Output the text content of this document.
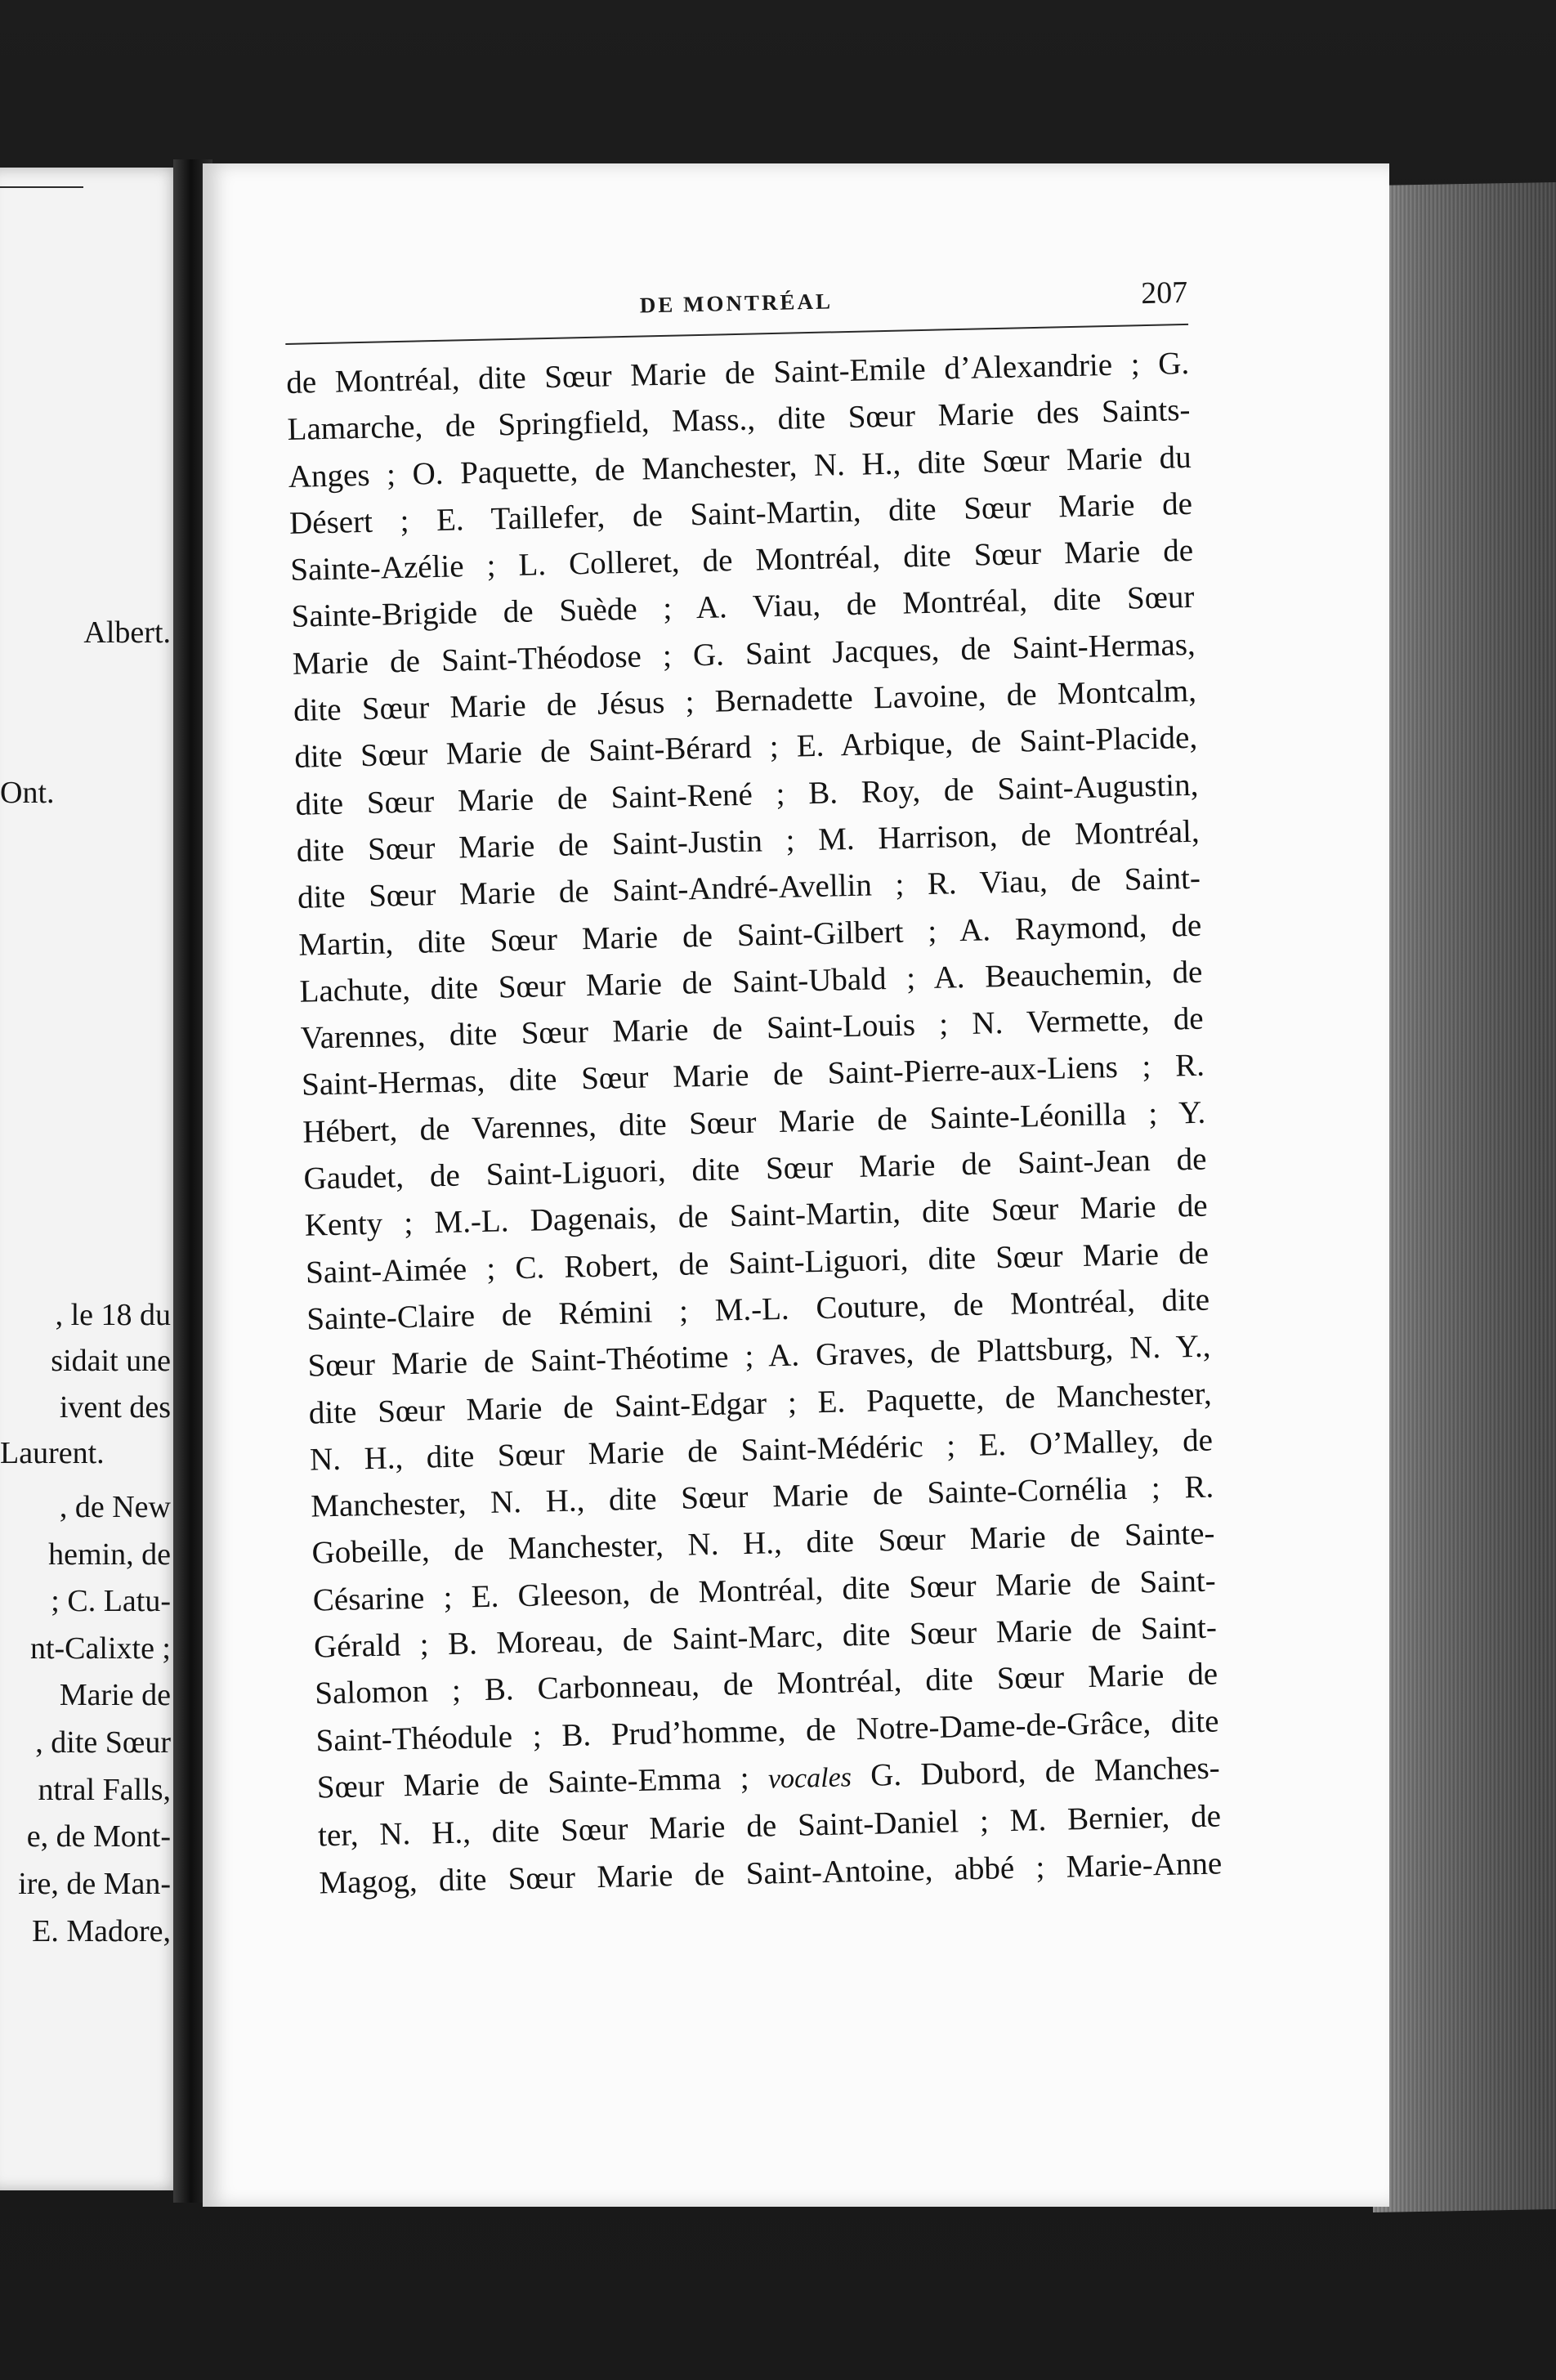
Albert.
Ont.
, le 18 du
sidait une
ivent des
Laurent.
, de New
hemin, de
; C. Latu-
nt-Calixte ;
Marie de
, dite Sœur
ntral Falls,
e, de Mont-
ire, de Man-
E. Madore,
DE MONTRÉAL	207
de Montréal, dite Sœur Marie de Saint-Emile d’Alexandrie ; G.
Lamarche, de Springfield, Mass., dite Sœur Marie des Saints-
Anges ; O. Paquette, de Manchester, N. H., dite Sœur Marie du
Désert ; E. Taillefer, de Saint-Martin, dite Sœur Marie de
Sainte-Azélie ; L. Colleret, de Montréal, dite Sœur Marie de
Sainte-Brigide de Suède ; A. Viau, de Montréal, dite Sœur
Marie de Saint-Théodose ; G. Saint Jacques, de Saint-Hermas,
dite Sœur Marie de Jésus ; Bernadette Lavoine, de Montcalm,
dite Sœur Marie de Saint-Bérard ; E. Arbique, de Saint-Placide,
dite Sœur Marie de Saint-René ; B. Roy, de Saint-Augustin,
dite Sœur Marie de Saint-Justin ; M. Harrison, de Montréal,
dite Sœur Marie de Saint-André-Avellin ; R. Viau, de Saint-
Martin, dite Sœur Marie de Saint-Gilbert ; A. Raymond, de
Lachute, dite Sœur Marie de Saint-Ubald ; A. Beauchemin, de
Varennes, dite Sœur Marie de Saint-Louis ; N. Vermette, de
Saint-Hermas, dite Sœur Marie de Saint-Pierre-aux-Liens ; R.
Hébert, de Varennes, dite Sœur Marie de Sainte-Léonilla ; Y.
Gaudet, de Saint-Liguori, dite Sœur Marie de Saint-Jean de
Kenty ; M.-L. Dagenais, de Saint-Martin, dite Sœur Marie de
Saint-Aimée ; C. Robert, de Saint-Liguori, dite Sœur Marie de
Sainte-Claire de Rémini ; M.-L. Couture, de Montréal, dite
Sœur Marie de Saint-Théotime ; A. Graves, de Plattsburg, N. Y.,
dite Sœur Marie de Saint-Edgar ; E. Paquette, de Manchester,
N. H., dite Sœur Marie de Saint-Médéric ; E. O’Malley, de
Manchester, N. H., dite Sœur Marie de Sainte-Cornélia ; R.
Gobeille, de Manchester, N. H., dite Sœur Marie de Sainte-
Césarine ; E. Gleeson, de Montréal, dite Sœur Marie de Saint-
Gérald ; B. Moreau, de Saint-Marc, dite Sœur Marie de Saint-
Salomon ; B. Carbonneau, de Montréal, dite Sœur Marie de
Saint-Théodule ; B. Prud’homme, de Notre-Dame-de-Grâce, dite
Sœur Marie de Sainte-Emma ; vocales G. Dubord, de Manches-
ter, N. H., dite Sœur Marie de Saint-Daniel ; M. Bernier, de
Magog, dite Sœur Marie de Saint-Antoine, abbé ; Marie-Anne
